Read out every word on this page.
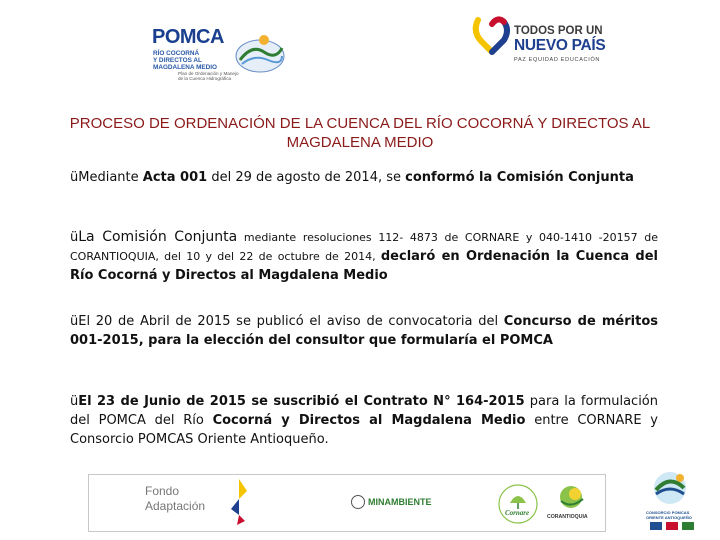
POMCA
RÍO COCORNÁ
Y DIRECTOS AL
MAGDALENA MEDIO
Plan de Ordenación y Manejo
de la Cuenca Hidrográfica
TODOS POR UN
NUEVO PAÍS
PAZ EQUIDAD EDUCACIÓN
PROCESO DE ORDENACIÓN DE LA CUENCA DEL RÍO COCORNÁ Y DIRECTOS AL MAGDALENA MEDIO

üMediante Acta 001 del 29 de agosto de 2014, se conformó la Comisión Conjunta

üLa Comisión Conjunta mediante resoluciones 112- 4873 de CORNARE y 040-1410 -20157 de CORANTIOQUIA, del 10 y del 22 de octubre de 2014, declaró en Ordenación la Cuenca del Río Cocorná y Directos al Magdalena Medio

üEl 20 de Abril de 2015 se publicó el aviso de convocatoria del Concurso de méritos 001-2015, para la elección del consultor que formularía el POMCA

üEl 23 de Junio de 2015 se suscribió el Contrato N° 164-2015 para la formulación del POMCA del Río Cocorná y Directos al Magdalena Medio entre CORNARE y Consorcio POMCAS Oriente Antioqueño.

Fondo
Adaptación	MINAMBIENTE
Cornare	CORANTIOQUIA
CONSORCIO POMCAS
ORIENTE ANTIOQUEÑO
